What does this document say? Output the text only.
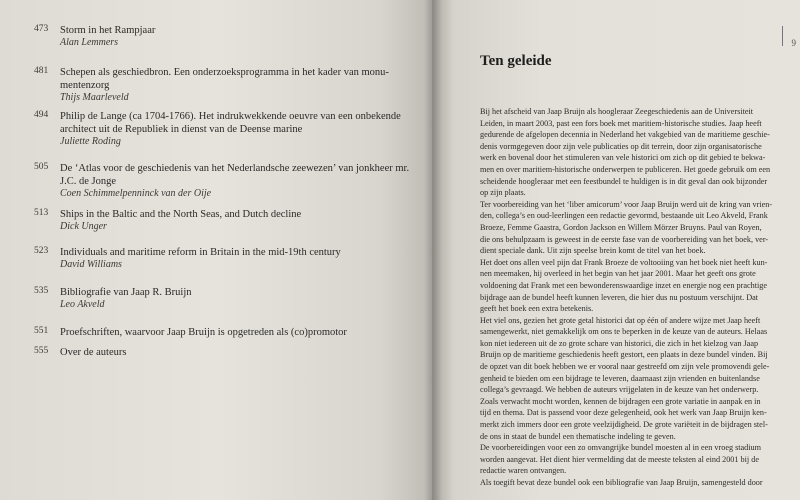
9
473	Storm in het Rampjaar
Alan Lemmers
481	Schepen als geschiedbron. Een onderzoeksprogramma in het kader van monu-
mentenzorg
Thijs Maarleveld
494	Philip de Lange (ca 1704-1766). Het indrukwekkende oeuvre van een onbekende
architect uit de Republiek in dienst van de Deense marine
Juliette Roding
505	De ‘Atlas voor de geschiedenis van het Nederlandsche zeewezen’ van jonkheer mr.
J.C. de Jonge
Coen Schimmelpenninck van der Oije
513	Ships in the Baltic and the North Seas, and Dutch decline
Dick Unger
523	Individuals and maritime reform in Britain in the mid-19th century
David Williams
535	Bibliografie van Jaap R. Bruijn
Leo Akveld
551	Proefschriften, waarvoor Jaap Bruijn is opgetreden als (co)promotor
555	Over de auteurs
Ten geleide
Bij het afscheid van Jaap Bruijn als hoogleraar Zeegeschiedenis aan de Universiteit
Leiden, in maart 2003, past een fors boek met maritiem-historische studies. Jaap heeft
gedurende de afgelopen decennia in Nederland het vakgebied van de maritieme geschie-
denis vormgegeven door zijn vele publicaties op dit terrein, door zijn organisatorische
werk en bovenal door het stimuleren van vele historici om zich op dit gebied te bekwa-
men en over maritiem-historische onderwerpen te publiceren. Het goede gebruik om een
scheidende hoogleraar met een feestbundel te huldigen is in dit geval dan ook bijzonder
op zijn plaats.
Ter voorbereiding van het ‘liber amicorum’ voor Jaap Bruijn werd uit de kring van vrien-
den, collega’s en oud-leerlingen een redactie gevormd, bestaande uit Leo Akveld, Frank
Broeze, Femme Gaastra, Gordon Jackson en Willem Mörzer Bruyns. Paul van Royen,
die ons behulpzaam is geweest in de eerste fase van de voorbereiding van het boek, ver-
dient speciale dank. Uit zijn speelse brein komt de titel van het boek.
Het doet ons allen veel pijn dat Frank Broeze de voltooiing van het boek niet heeft kun-
nen meemaken, hij overleed in het begin van het jaar 2001. Maar het geeft ons grote
voldoening dat Frank met een bewonderenswaardige inzet en energie nog een prachtige
bijdrage aan de bundel heeft kunnen leveren, die hier dus nu postuum verschijnt. Dat
geeft het boek een extra betekenis.
Het viel ons, gezien het grote getal historici dat op één of andere wijze met Jaap heeft
samengewerkt, niet gemakkelijk om ons te beperken in de keuze van de auteurs. Helaas
kon niet iedereen uit de zo grote schare van historici, die zich in het kielzog van Jaap
Bruijn op de maritieme geschiedenis heeft gestort, een plaats in deze bundel vinden. Bij
de opzet van dit boek hebben we er vooral naar gestreefd om zijn vele promovendi gele-
genheid te bieden om een bijdrage te leveren, daarnaast zijn vrienden en buitenlandse
collega’s gevraagd. We hebben de auteurs vrijgelaten in de keuze van het onderwerp.
Zoals verwacht mocht worden, kennen de bijdragen een grote variatie in aanpak en in
tijd en thema. Dat is passend voor deze gelegenheid, ook het werk van Jaap Bruijn ken-
merkt zich immers door een grote veelzijdigheid. De grote variëteit in de bijdragen stel-
de ons in staat de bundel een thematische indeling te geven.
De voorbereidingen voor een zo omvangrijke bundel moesten al in een vroeg stadium
worden aangevat. Het dient hier vermelding dat de meeste teksten al eind 2001 bij de
redactie waren ontvangen.
Als toegift bevat deze bundel ook een bibliografie van Jaap Bruijn, samengesteld door
